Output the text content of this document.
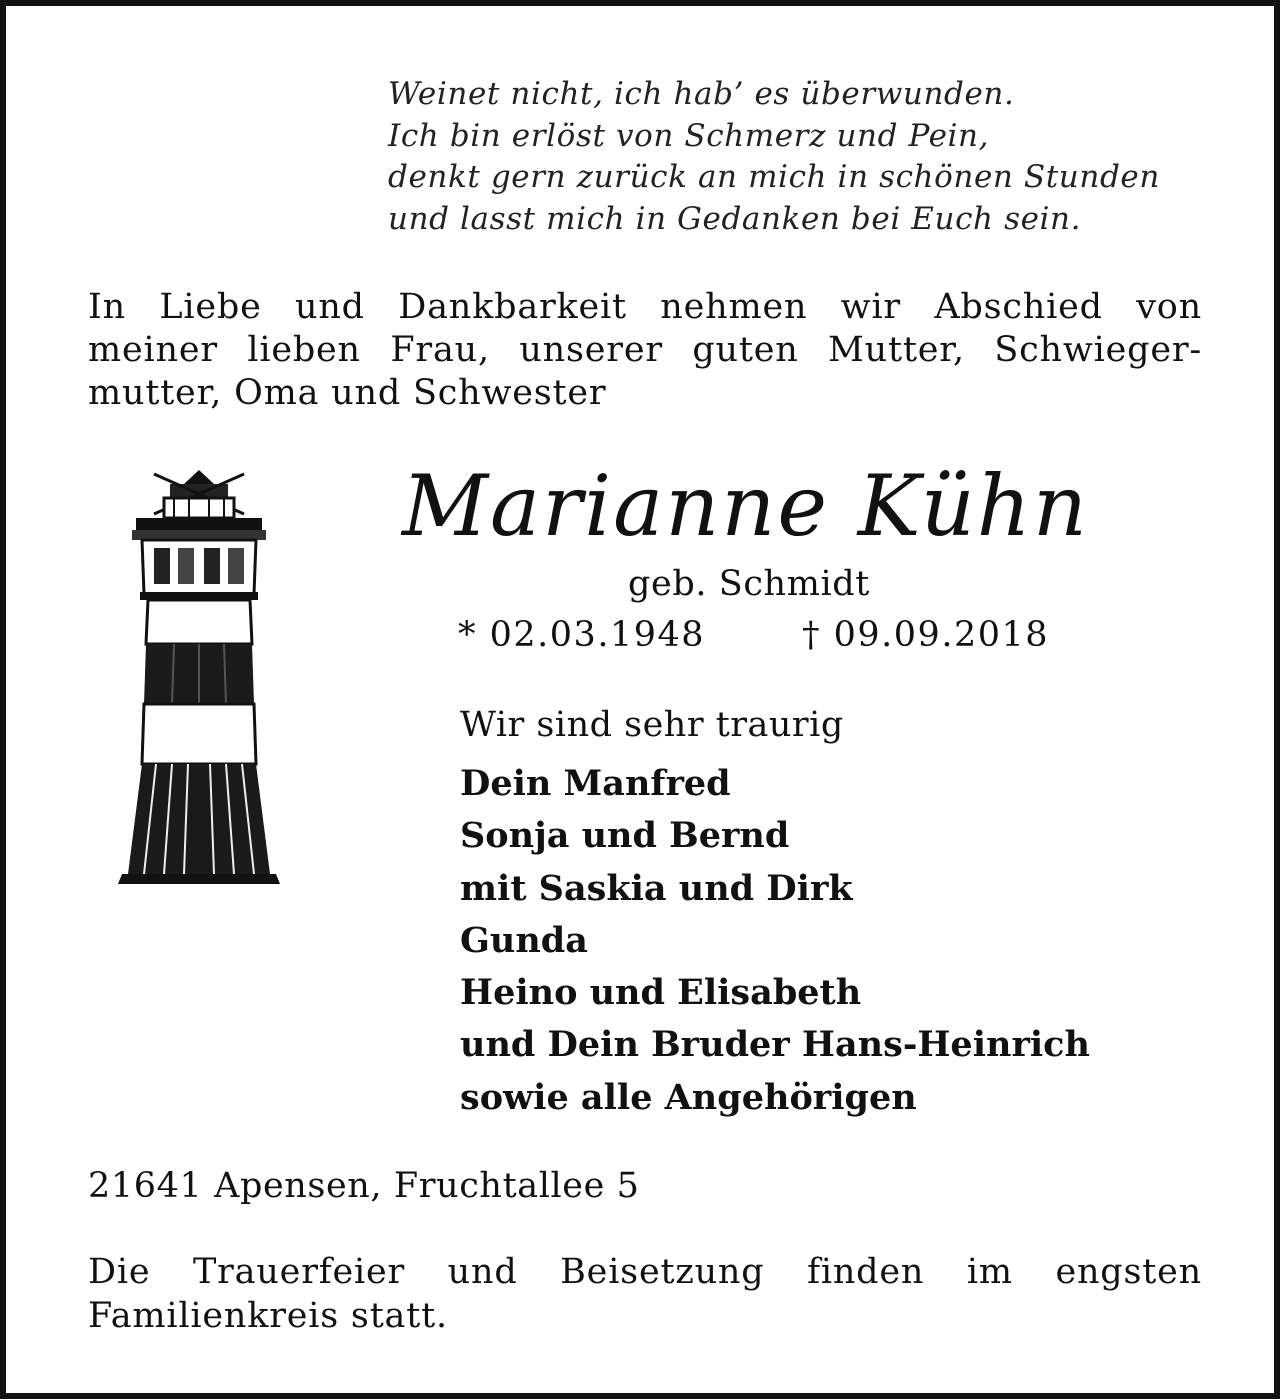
Weinet nicht, ich hab’ es überwunden.
Ich bin erlöst von Schmerz und Pein,
denkt gern zurück an mich in schönen Stunden
und lasst mich in Gedanken bei Euch sein.
In Liebe und Dankbarkeit nehmen wir Abschied von
meiner lieben Frau, unserer guten Mutter, Schwieger-
mutter, Oma und Schwester
Marianne Kühn
geb. Schmidt
* 02.03.1948	† 09.09.2018
Wir sind sehr traurig
Dein Manfred
Sonja und Bernd
mit Saskia und Dirk
Gunda
Heino und Elisabeth
und Dein Bruder Hans-Heinrich
sowie alle Angehörigen
21641 Apensen, Fruchtallee 5
Die Trauerfeier und Beisetzung finden im engsten
Familienkreis statt.
